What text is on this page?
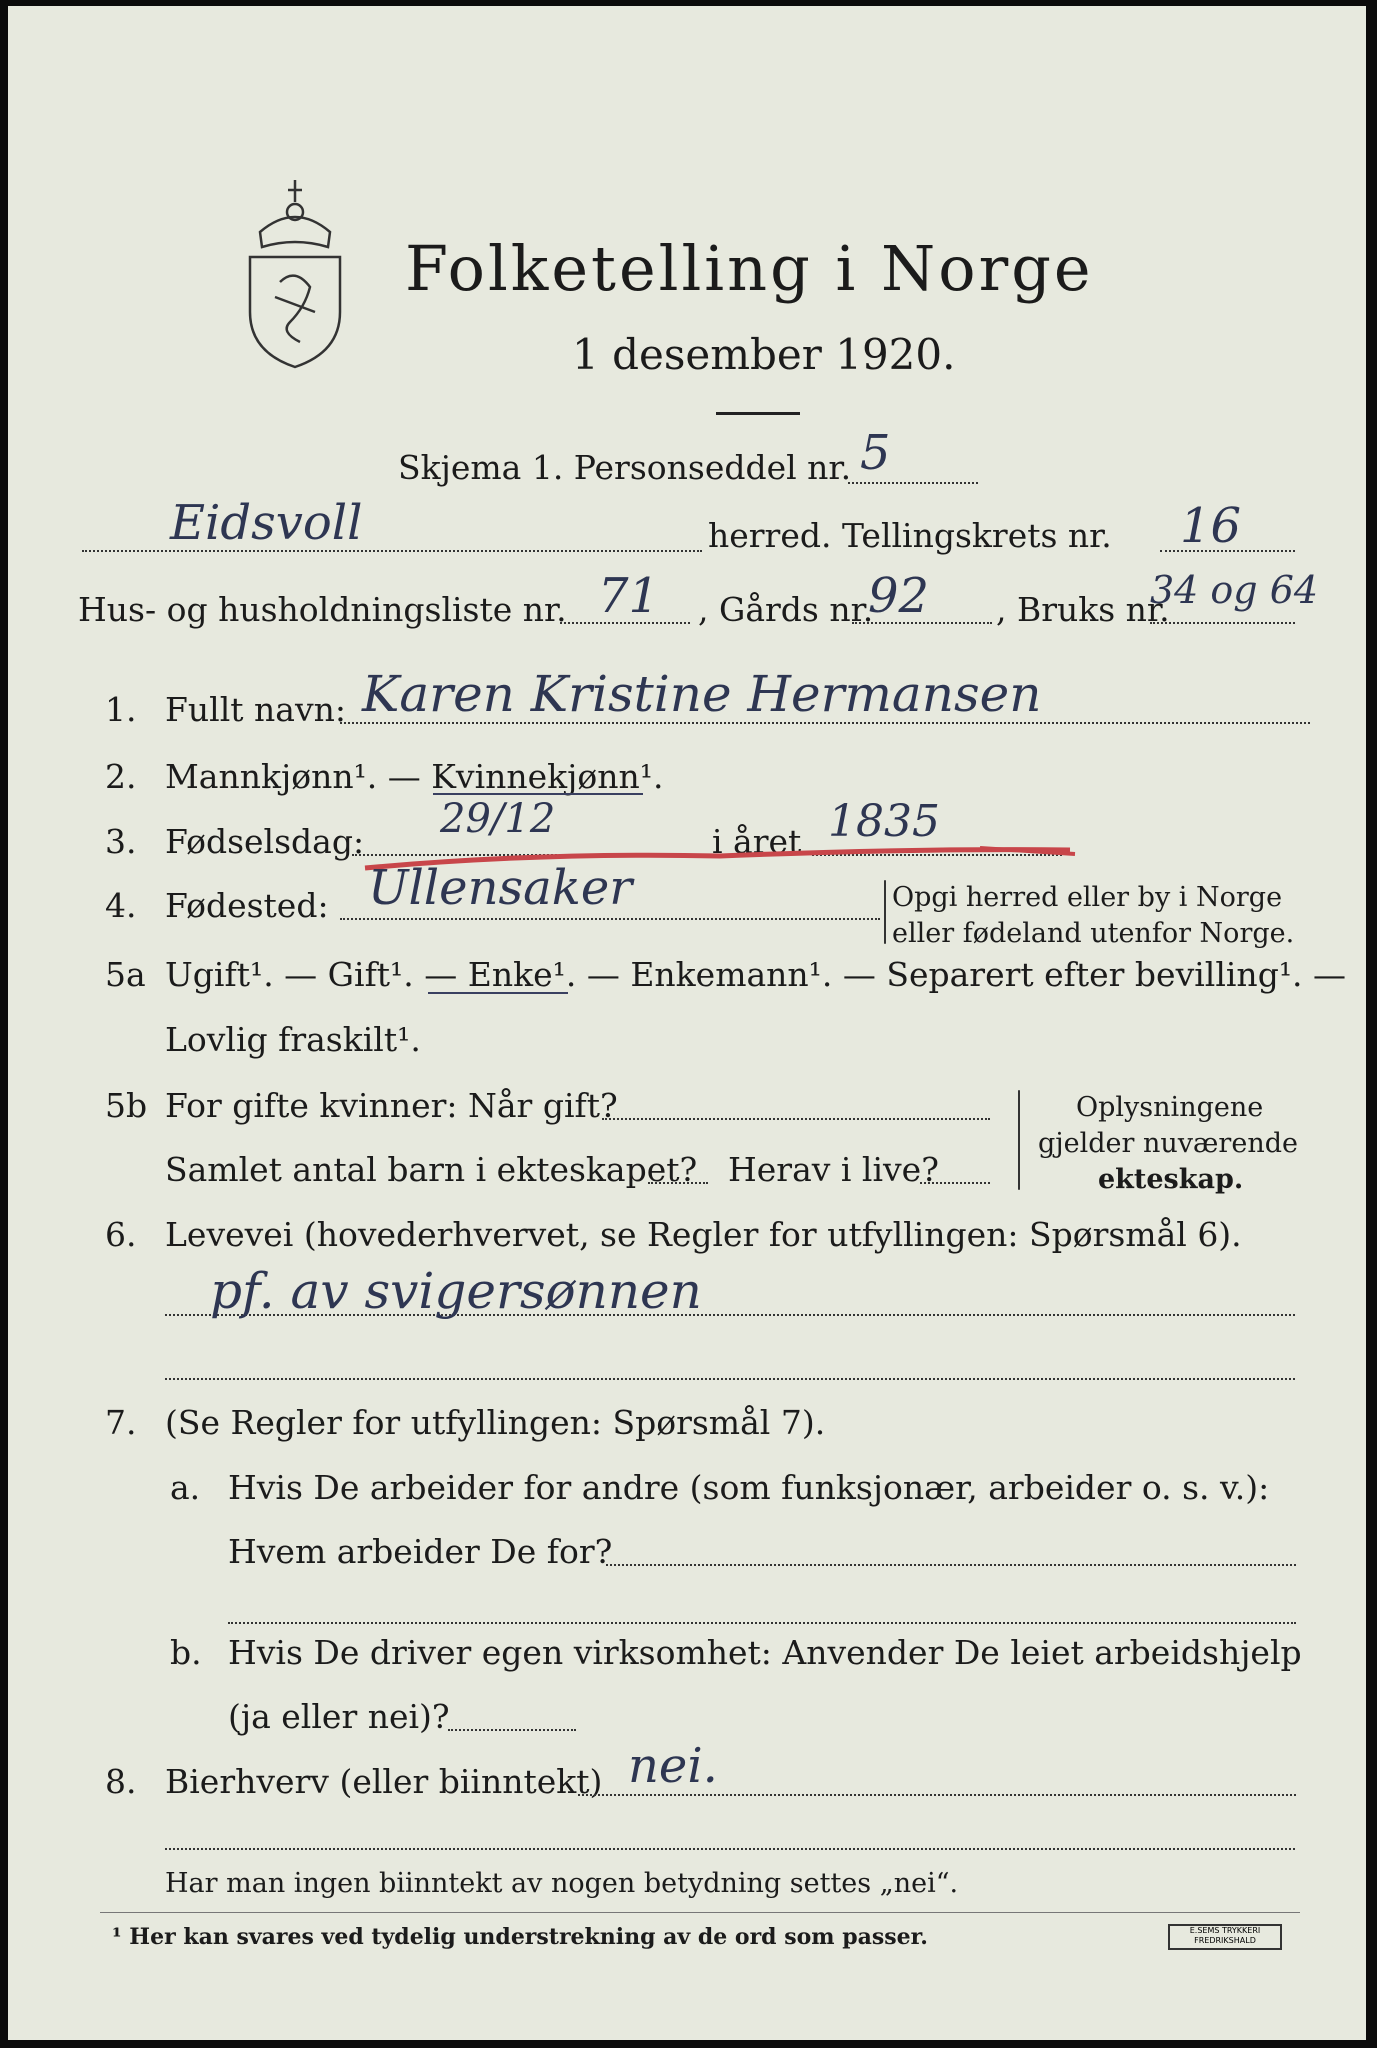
Folketelling i Norge
1 desember 1920.
Skjema 1. Personseddel nr. 5
Eidsvoll	herred. Tellingskrets nr. 16
Hus- og husholdningsliste nr. 71 , Gårds nr.
92 , Bruks nr.
34 og 64
1. Fullt navn: Karen Kristine Hermansen
2. Mannkjønn¹. — Kvinnekjønn¹.
3. Fødselsdag: 29/12	i året 1835
4. Fødested: Ullensaker	Opgi herred eller by i Norge
eller fødeland utenfor Norge.
5a Ugift¹. — Gift¹. — Enke¹. — Enkemann¹. — Separert efter bevilling¹. —
Lovlig fraskilt¹.
5b For gifte kvinner: Når gift?
Samlet antal barn i ekteskapet? Herav i live?
Oplysningene
gjelder nuværende
ekteskap.
6. Levevei (hovederhvervet, se Regler for utfyllingen: Spørsmål 6).
pf. av svigersønnen
7. (Se Regler for utfyllingen: Spørsmål 7).
a. Hvis De arbeider for andre (som funksjonær, arbeider o. s. v.):
Hvem arbeider De for?
b. Hvis De driver egen virksomhet: Anvender De leiet arbeidshjelp
(ja eller nei)?
8. Bierhverv (eller biinntekt) nei.
Har man ingen biinntekt av nogen betydning settes „nei“.
¹ Her kan svares ved tydelig understrekning av de ord som passer.	E.SEMS TRYKKERI
FREDRIKSHALD
